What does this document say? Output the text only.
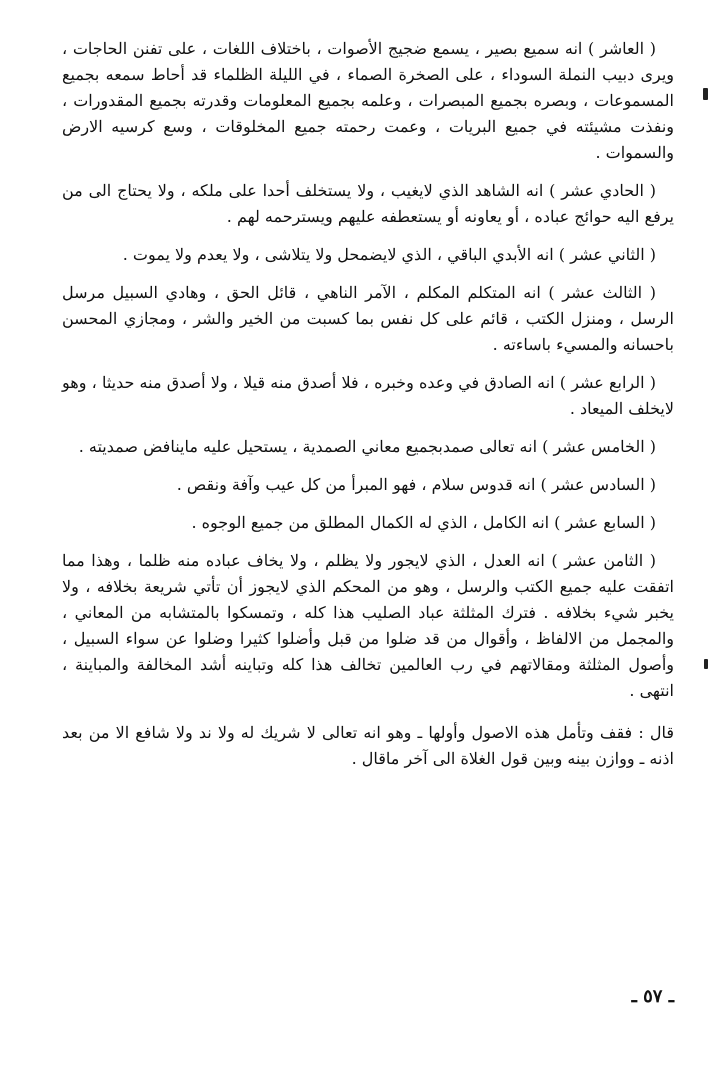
( العاشر ) انه سميع بصير ، يسمع ضجيج الأصوات ، باختلاف اللغات ، على تفنن الحاجات ، ويرى دبيب النملة السوداء ، على الصخرة الصماء ، في الليلة الظلماء قد أحاط سمعه بجميع المسموعات ، وبصره بجميع المبصرات ، وعلمه بجميع المعلومات وقدرته بجميع المقدورات ، ونفذت مشيئته في جميع البريات ، وعمت رحمته جميع المخلوقات ، وسع كرسيه الارض والسموات .

( الحادي عشر ) انه الشاهد الذي لايغيب ، ولا يستخلف أحدا على ملكه ، ولا يحتاج الى من يرفع اليه حوائج عباده ، أو يعاونه أو يستعطفه عليهم ويسترحمه لهم .

( الثاني عشر ) انه الأبدي الباقي ، الذي لايضمحل ولا يتلاشى ، ولا يعدم ولا يموت .

( الثالث عشر ) انه المتكلم المكلم ، الآمر الناهي ، قائل الحق ، وهادي السبيل مرسل الرسل ، ومنزل الكتب ، قائم على كل نفس بما كسبت من الخير والشر ، ومجازي المحسن باحسانه والمسيء باساءته .

( الرابع عشر ) انه الصادق في وعده وخبره ، فلا أصدق منه قيلا ، ولا أصدق منه حديثا ، وهو لايخلف الميعاد .

( الخامس عشر ) انه تعالى صمدبجميع معاني الصمدية ، يستحيل عليه ماينافض صمديته .

( السادس عشر ) انه قدوس سلام ، فهو المبرأ من كل عيب وآفة ونقص .

( السابع عشر ) انه الكامل ، الذي له الكمال المطلق من جميع الوجوه .

( الثامن عشر ) انه العدل ، الذي لايجور ولا يظلم ، ولا يخاف عباده منه ظلما ، وهذا مما اتفقت عليه جميع الكتب والرسل ، وهو من المحكم الذي لايجوز أن تأتي شريعة بخلافه ، ولا يخبر شيء بخلافه . فترك المثلثة عباد الصليب هذا كله ، وتمسكوا بالمتشابه من المعاني ، والمجمل من الالفاظ ، وأقوال من قد ضلوا من قبل وأضلوا كثيرا وضلوا عن سواء السبيل ، وأصول المثلثة ومقالاتهم في رب العالمين تخالف هذا كله وتباينه أشد المخالفة والمباينة ، انتهى .

قال : فقف وتأمل هذه الاصول وأولها ـ وهو انه تعالى لا شريك له ولا ند ولا شافع الا من بعد اذنه ـ ووازن بينه وبين قول الغلاة الى آخر ماقال .

ـ ٥٧ ـ
